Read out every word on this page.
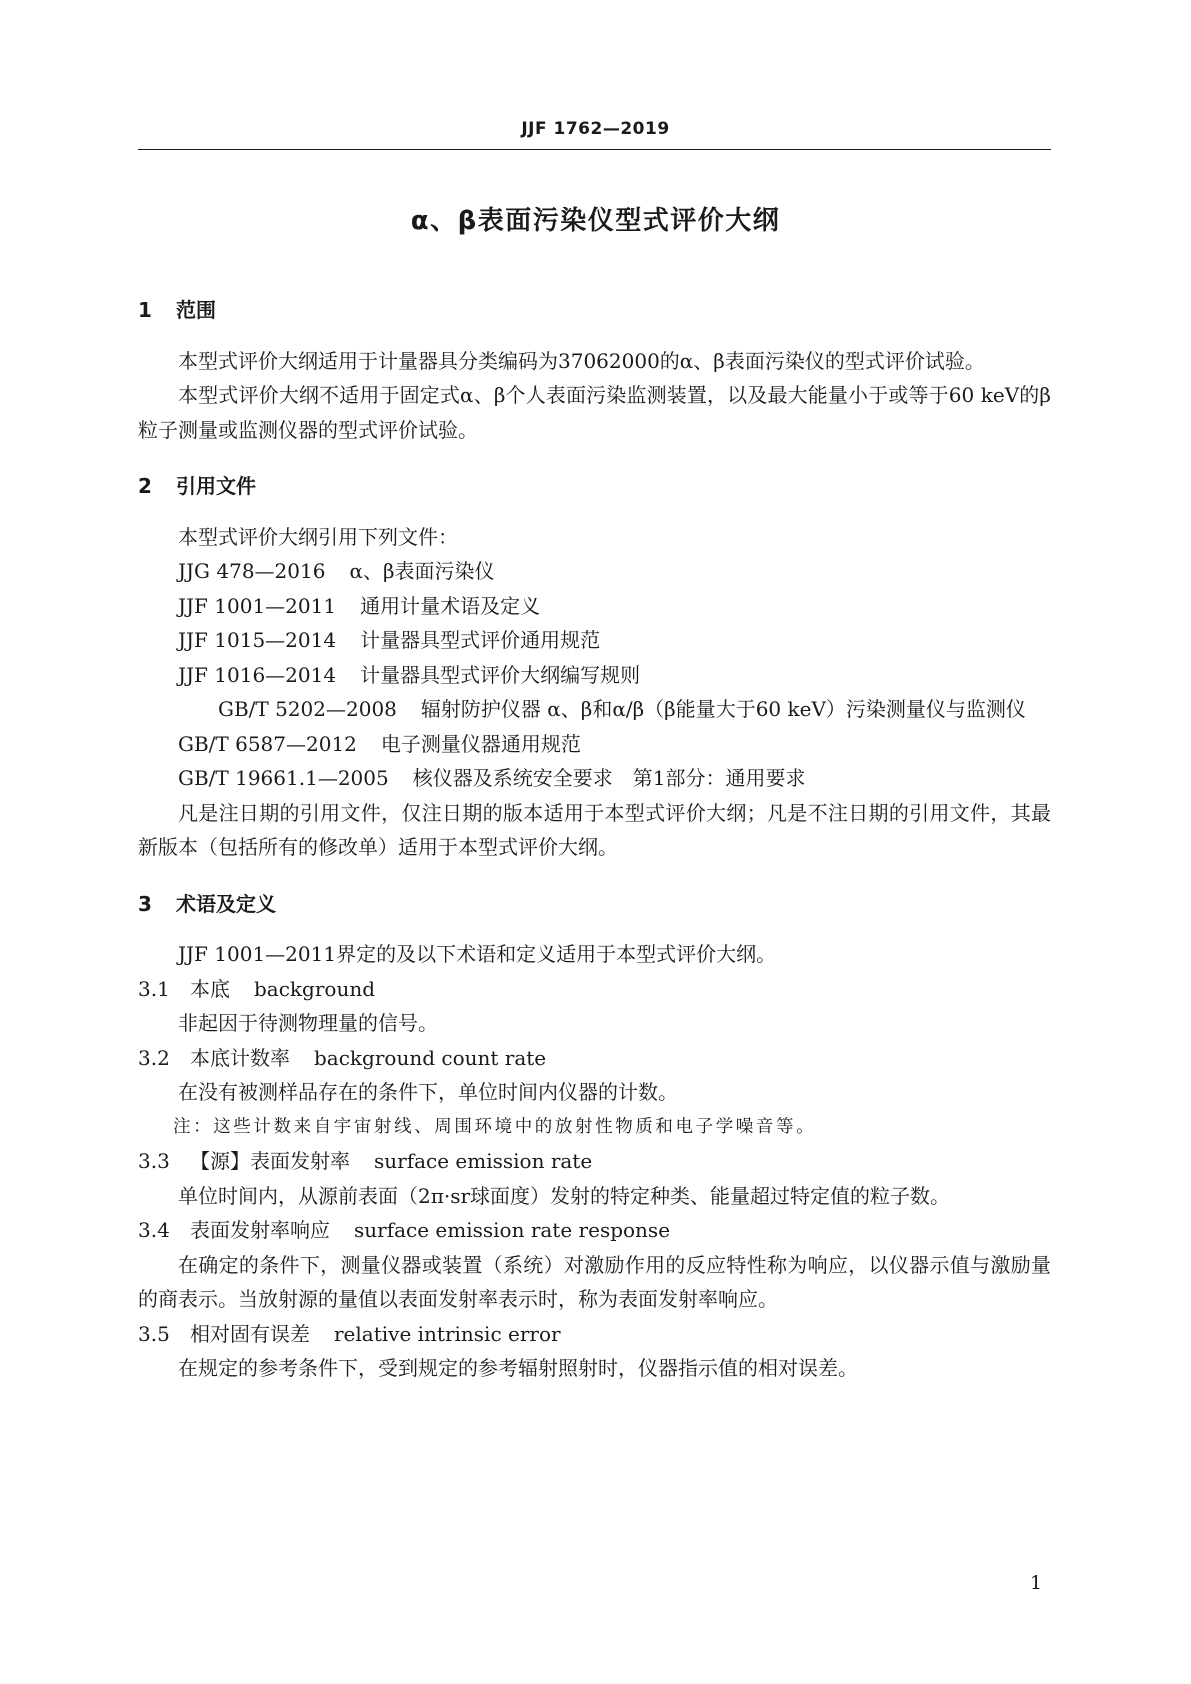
JJF 1762—2019
α、β表面污染仪型式评价大纲

1 范围

本型式评价大纲适用于计量器具分类编码为37062000的α、β表面污染仪的型式评价试验。

本型式评价大纲不适用于固定式α、β个人表面污染监测装置，以及最大能量小于或等于60 keV的β粒子测量或监测仪器的型式评价试验。

2 引用文件

本型式评价大纲引用下列文件：

JJG 478—2016 α、β表面污染仪

JJF 1001—2011 通用计量术语及定义

JJF 1015—2014 计量器具型式评价通用规范

JJF 1016—2014 计量器具型式评价大纲编写规则

GB/T 5202—2008 辐射防护仪器 α、β和α/β（β能量大于60 keV）污染测量仪与监测仪

GB/T 6587—2012 电子测量仪器通用规范

GB/T 19661.1—2005 核仪器及系统安全要求　第1部分：通用要求

凡是注日期的引用文件，仅注日期的版本适用于本型式评价大纲；凡是不注日期的引用文件，其最新版本（包括所有的修改单）适用于本型式评价大纲。

3 术语及定义

JJF 1001—2011界定的及以下术语和定义适用于本型式评价大纲。

3.1 本底 background

非起因于待测物理量的信号。

3.2 本底计数率 background count rate

在没有被测样品存在的条件下，单位时间内仪器的计数。

注：这些计数来自宇宙射线、周围环境中的放射性物质和电子学噪音等。

3.3 【源】表面发射率 surface emission rate

单位时间内，从源前表面（2π·sr球面度）发射的特定种类、能量超过特定值的粒子数。

3.4 表面发射率响应 surface emission rate response

在确定的条件下，测量仪器或装置（系统）对激励作用的反应特性称为响应，以仪器示值与激励量的商表示。当放射源的量值以表面发射率表示时，称为表面发射率响应。

3.5 相对固有误差 relative intrinsic error

在规定的参考条件下，受到规定的参考辐射照射时，仪器指示值的相对误差。

1
